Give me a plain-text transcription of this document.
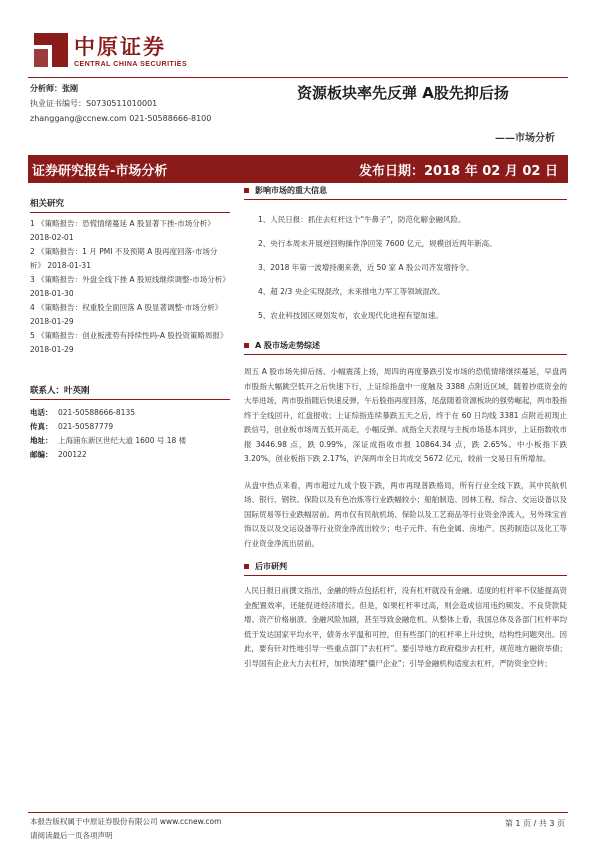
中原证券
CENTRAL CHINA SECURITIES
分析师：张刚
执业证书编号：S0730511010001
zhanggang@ccnew.com 021-50588666-8100
资源板块率先反弹 A股先抑后扬
——市场分析
证券研究报告-市场分析	发布日期：2018 年 02 月 02 日
相关研究
1 《策略报告：恐慌情绪蔓延 A 股显著下挫-市场分析》 2018-02-01
2 《策略报告：1 月 PMI 不及预期 A 股再度回落-市场分析》 2018-01-31
3 《策略报告：外盘全线下挫 A 股短线继续调整-市场分析》 2018-01-30
4 《策略报告：权重股全面回落 A 股显著调整-市场分析》 2018-01-29
5 《策略报告：创业板涨势有持续性吗-A 股投资策略周报》 2018-01-29
联系人：叶英刚
电话： 021-50588666-8135
传真： 021-50587779
地址： 上海浦东新区世纪大道 1600 号 18 楼
邮编： 200122
影响市场的重大信息
1、人民日报：抓住去杠杆这个“牛鼻子”，防范化解金融风险。
2、央行本周未开展逆回购操作净回笼 7600 亿元，规模创近两年新高。
3、2018 年第一波增持潮来袭，近 50 家 A 股公司齐发增持令。
4、超 2/3 央企实现混改，未来推电力军工等领域混改。
5、农业科技园区规划发布，农业现代化进程有望加速。
A 股市场走势综述

周五 A 股市场先抑后扬、小幅震荡上扬，周四的再度暴跌引发市场的恐慌情绪继续蔓延，早盘两市股指大幅跳空低开之后快速下行，上证综指盘中一度触及 3388 点附近区域，随着抄底资金的大举进场，两市股指随后快速反弹，午后股指再度回落，尾盘随着资源板块的强势崛起，两市股指终于全线回升，红盘报收；上证综指连续暴跌五天之后，终于在 60 日均线 3381 点附近初现止跌信号，创业板市场周五低开高走，小幅反弹。成指全天表现与主板市场基本同步，上证指数收市报 3446.98 点，跌 0.99%，深证成指收市报 10864.34 点，跌 2.65%。中小板指下跌 3.20%，创业板指下跌 2.17%，沪深两市全日共成交 5672 亿元，较前一交易日有所增加。

从盘中热点来看，两市超过九成个股下跌，两市再现普跌格局，所有行业全线下跌，其中民航机场、银行、钢铁、保险以及有色冶炼等行业跌幅较小；船舶制造、园林工程、综合、交运设备以及国际贸易等行业跌幅居前。两市仅有民航机场、保险以及工艺商品等行业资金净流入，另外珠宝首饰以及以及交运设备等行业资金净流出较少；电子元件、有色金属、房地产、医药制造以及化工等行业资金净流出居前。

后市研判

人民日报日前撰文指出，金融的特点包括杠杆，没有杠杆就没有金融。适度的杠杆率不仅能提高资金配置效率，还能促进经济增长。但是，如果杠杆率过高，则会造成信用违约频发、不良贷款陡增、资产价格崩溃、金融风险加剧，甚至导致金融危机。从整体上看，我国总体及各部门杠杆率均低于发达国家平均水平，债务水平温和可控，但有些部门的杠杆率上升过快，结构性问题突出。因此，要有针对性地引导一些重点部门“去杠杆”。要引导地方政府稳步去杠杆，规范地方融资举债；引导国有企业大力去杠杆，加快清理“僵尸企业”；引导金融机构适度去杠杆，严防资金空转；

本报告版权属于中原证券股份有限公司 www.ccnew.com
请阅读最后一页各项声明
第 1 页 / 共 3 页
